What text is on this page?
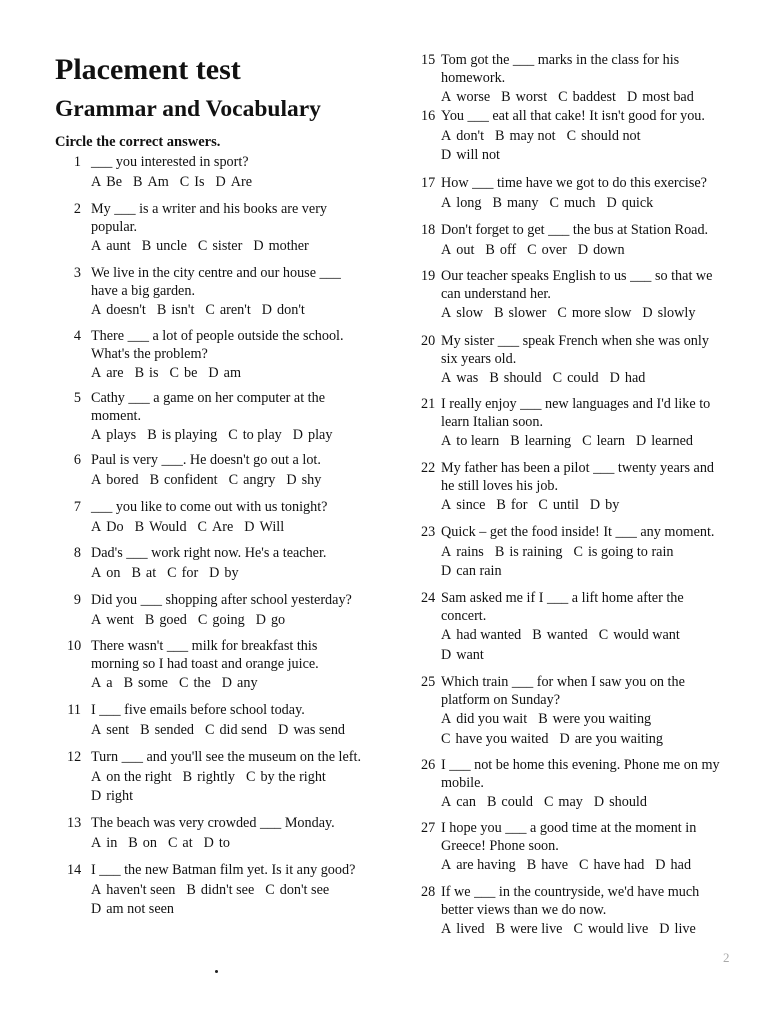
Placement test
Grammar and Vocabulary
Circle the correct answers.
1 ___ you interested in sport?
A Be B Am C Is D Are
2 My ___ is a writer and his books are very
popular.
A aunt B uncle C sister D mother
3 We live in the city centre and our house ___
have a big garden.
A doesn't B isn't C aren't D don't
4 There ___ a lot of people outside the school.
What's the problem?
A are B is C be D am
5 Cathy ___ a game on her computer at the
moment.
A plays B is playing C to play D play
6 Paul is very ___. He doesn't go out a lot.
A bored B confident C angry D shy
7 ___ you like to come out with us tonight?
A Do B Would C Are D Will
8 Dad's ___ work right now. He's a teacher.
A on B at C for D by
9 Did you ___ shopping after school yesterday?
A went B goed C going D go
10 There wasn't ___ milk for breakfast this
morning so I had toast and orange juice.
A a B some C the D any
11 I ___ five emails before school today.
A sent B sended C did send D was send
12 Turn ___ and you'll see the museum on the left.
A on the right B rightly C by the right
D right
13 The beach was very crowded ___ Monday.
A in B on C at D to
14 I ___ the new Batman film yet. Is it any good?
A haven't seen B didn't see C don't see
D am not seen
15 Tom got the ___ marks in the class for his
homework.
A worse B worst C baddest D most bad
16 You ___ eat all that cake! It isn't good for you.
A don't B may not C should not
D will not
17 How ___ time have we got to do this exercise?
A long B many C much D quick
18 Don't forget to get ___ the bus at Station Road.
A out B off C over D down
19 Our teacher speaks English to us ___ so that we
can understand her.
A slow B slower C more slow D slowly
20 My sister ___ speak French when she was only
six years old.
A was B should C could D had
21 I really enjoy ___ new languages and I'd like to
learn Italian soon.
A to learn B learning C learn D learned
22 My father has been a pilot ___ twenty years and
he still loves his job.
A since B for C until D by
23 Quick – get the food inside! It ___ any moment.
A rains B is raining C is going to rain
D can rain
24 Sam asked me if I ___ a lift home after the
concert.
A had wanted B wanted C would want
D want
25 Which train ___ for when I saw you on the
platform on Sunday?
A did you wait B were you waiting
C have you waited D are you waiting
26 I ___ not be home this evening. Phone me on my
mobile.
A can B could C may D should
27 I hope you ___ a good time at the moment in
Greece! Phone soon.
A are having B have C have had D had
28 If we ___ in the countryside, we'd have much
better views than we do now.
A lived B were live C would live D live
2
